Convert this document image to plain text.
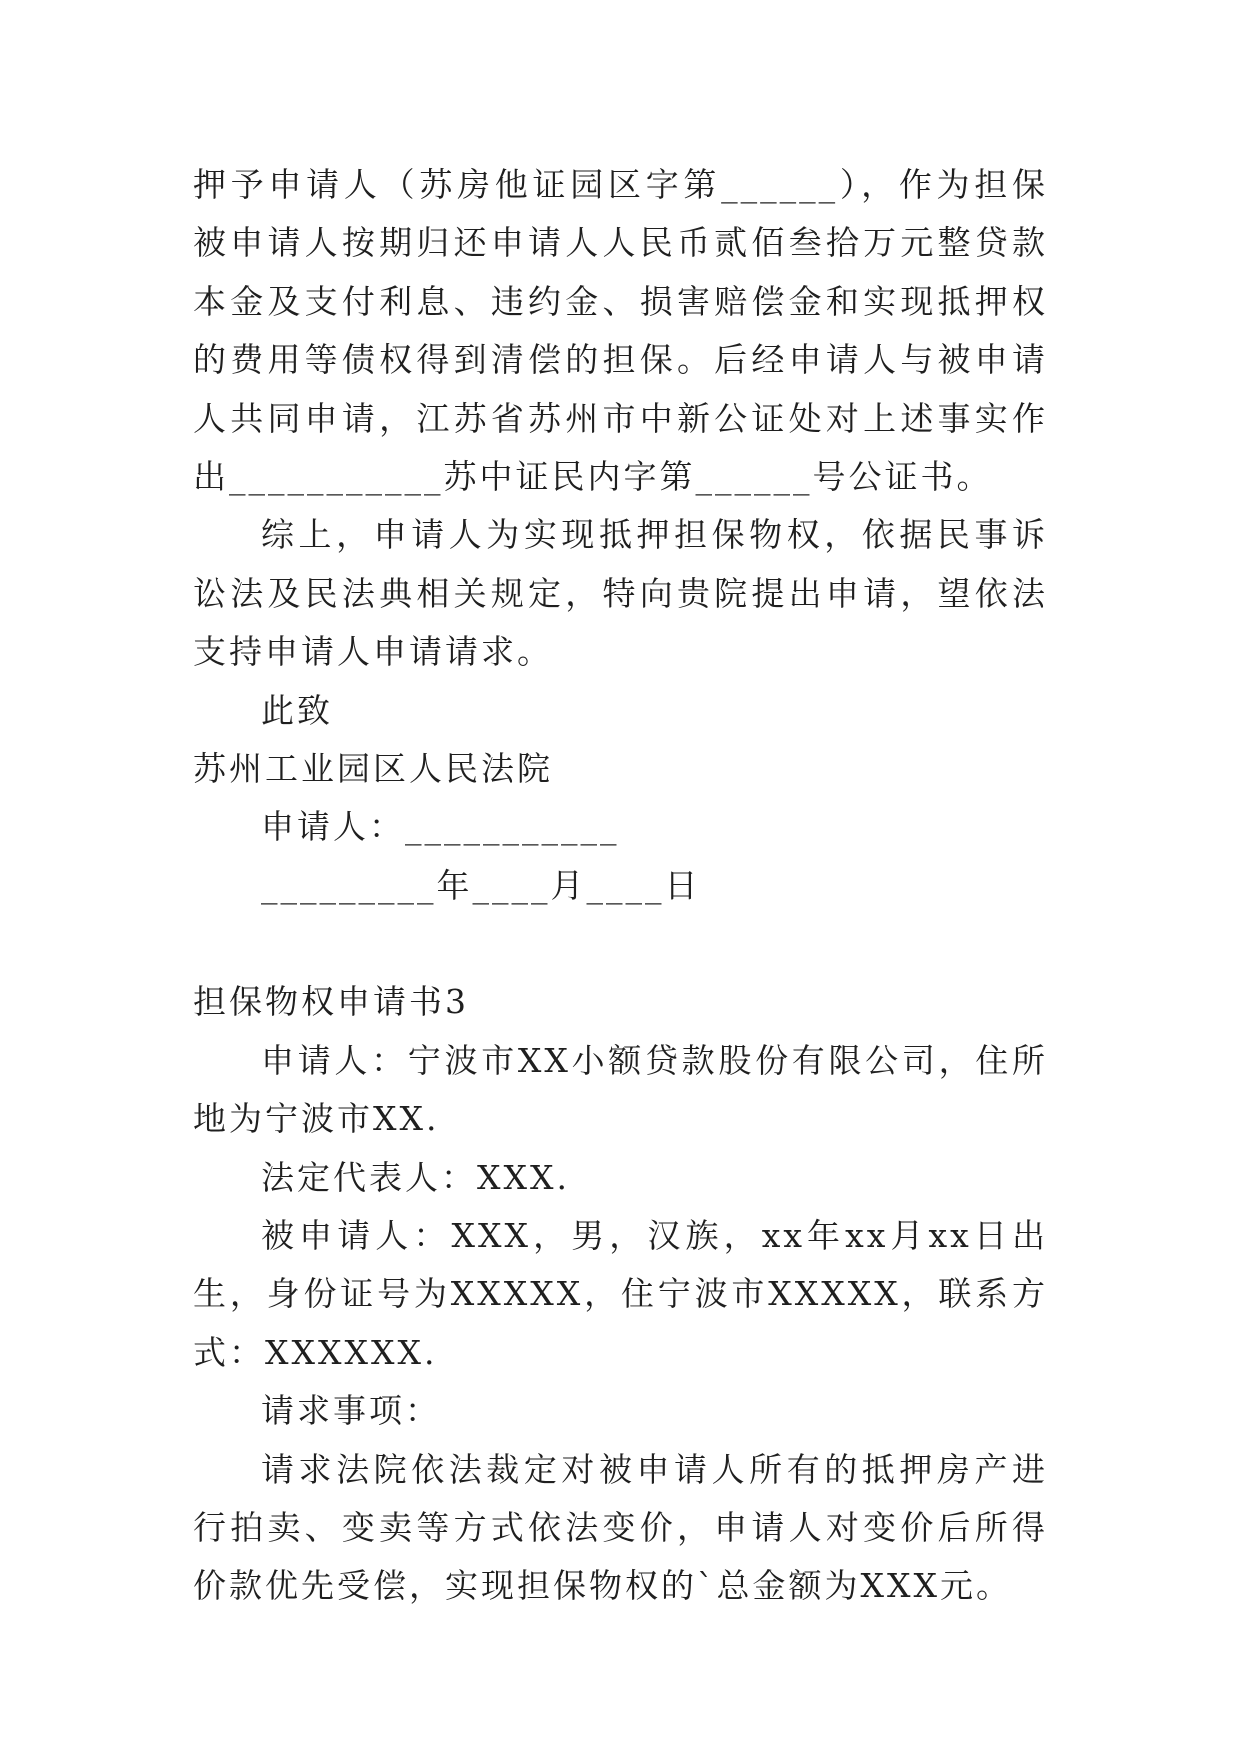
押予申请人（苏房他证园区字第______），作为担保被申请人按期归还申请人人民币贰佰叁拾万元整贷款本金及支付利息、违约金、损害赔偿金和实现抵押权的费用等债权得到清偿的担保。后经申请人与被申请人共同申请，江苏省苏州市中新公证处对上述事实作出___________苏中证民内字第______号公证书。

综上，申请人为实现抵押担保物权，依据民事诉讼法及民法典相关规定，特向贵院提出申请，望依法支持申请人申请请求。

此致

苏州工业园区人民法院

申请人：___________

_________年____月____日

担保物权申请书3

申请人：宁波市XX小额贷款股份有限公司，住所地为宁波市XX.

法定代表人：XXX.

被申请人：XXX，男，汉族，xx年xx月xx日出生，身份证号为XXXXX，住宁波市XXXXX，联系方式：XXXXXX.

请求事项：

请求法院依法裁定对被申请人所有的抵押房产进行拍卖、变卖等方式依法变价，申请人对变价后所得价款优先受偿，实现担保物权的`总金额为XXX元。
